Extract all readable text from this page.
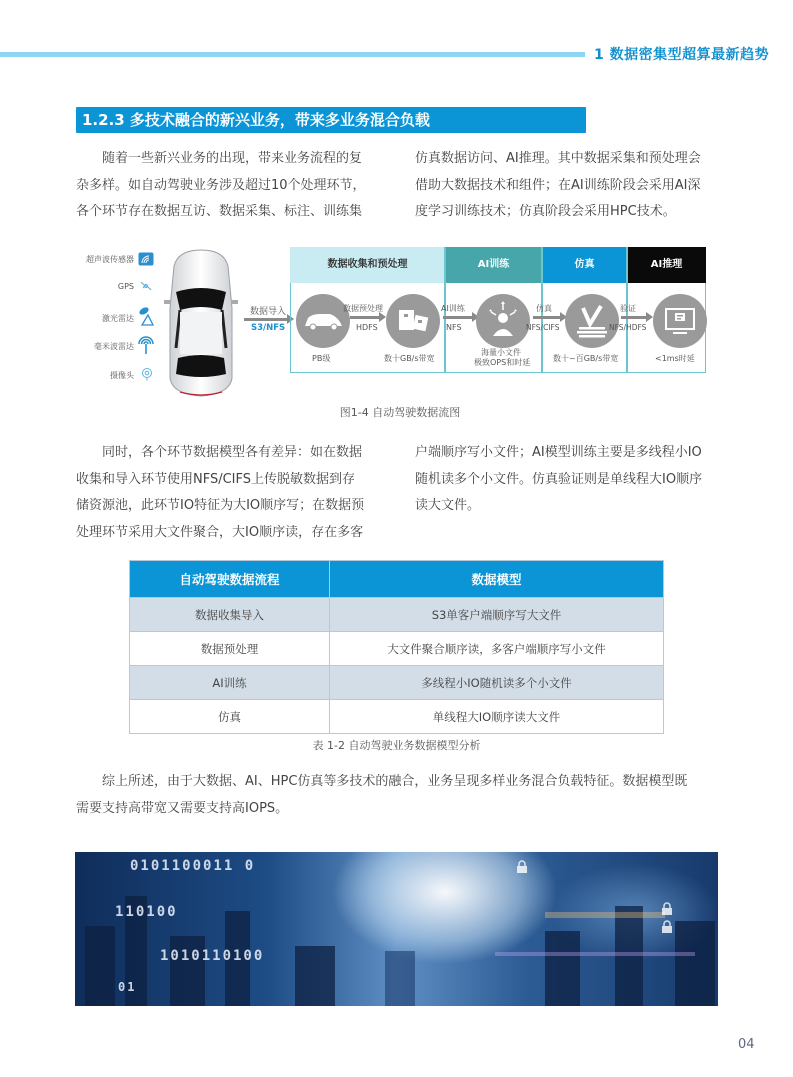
1 数据密集型超算最新趋势
1.2.3 多技术融合的新兴业务，带来多业务混合负载

随着一些新兴业务的出现，带来业务流程的复

杂多样。如自动驾驶业务涉及超过10个处理环节，

各个环节存在数据互访、数据采集、标注、训练集

仿真数据访问、AI推理。其中数据采集和预处理会

借助大数据技术和组件；在AI训练阶段会采用AI深

度学习训练技术；仿真阶段会采用HPC技术。

超声波传感器
GPS
激光雷达
毫米波雷达
摄像头
数据导入
S3/NFS
数据收集和预处理	AI训练	仿真	AI推理
PB级
数据预处理
HDFS
数十GB/s带宽
AI训练
NFS
海量小文件
极致OPS和时延
仿真
NFS/CIFS
数十~百GB/s带宽
验证
NFS/HDFS
<1ms时延
图1-4 自动驾驶数据流图

同时，各个环节数据模型各有差异：如在数据

收集和导入环节使用NFS/CIFS上传脱敏数据到存

储资源池，此环节IO特征为大IO顺序写；在数据预

处理环节采用大文件聚合，大IO顺序读，存在多客

户端顺序写小文件；AI模型训练主要是多线程小IO

随机读多个小文件。仿真验证则是单线程大IO顺序

读大文件。

自动驾驶数据流程	数据模型
数据收集导入	S3单客户端顺序写大文件
数据预处理	大文件聚合顺序读，多客户端顺序写小文件
AI训练	多线程小IO随机读多个小文件
仿真	单线程大IO顺序读大文件
表 1-2 自动驾驶业务数据模型分析

综上所述，由于大数据、AI、HPC仿真等多技术的融合，业务呈现多样业务混合负载特征。数据模型既

需要支持高带宽又需要支持高IOPS。

0101100011 0
110100
1010110100
01
04
